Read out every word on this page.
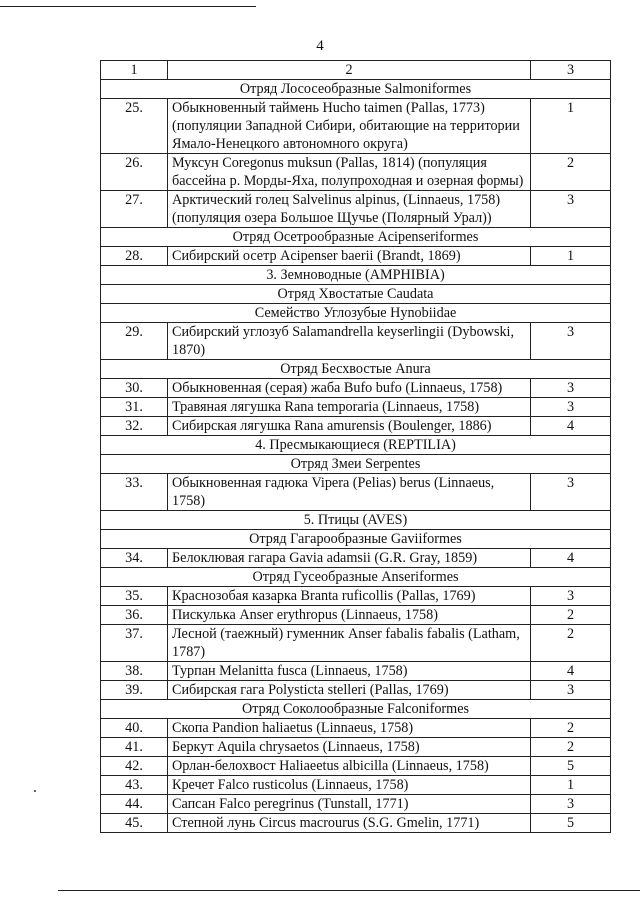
4
1	2	3
Отряд Лососеобразные Salmoniformes		
25.	Обыкновенный таймень Hucho taimen (Pallas, 1773) (популяции Западной Сибири, обитающие на территории Ямало-Ненецкого автономного округа)	1
26.	Муксун Coregonus muksun (Pallas, 1814) (популяция бассейна р. Морды-Яха, полупроходная и озерная формы)	2
27.	Арктический голец Salvelinus alpinus, (Linnaeus, 1758) (популяция озера Большое Щучье (Полярный Урал))	3
Отряд Осетрообразные Acipenseriformes		
28.	Сибирский осетр Acipenser baerii (Brandt, 1869)	1
3. Земноводные (AMPHIBIA)		
Отряд Хвостатые Caudata		
Семейство Углозубые Hynobiidae		
29.	Сибирский углозуб Salamandrella keyserlingii (Dybowski, 1870)	3
Отряд Бесхвостые Anura		
30.	Обыкновенная (серая) жаба Bufo bufo (Linnaeus, 1758)	3
31.	Травяная лягушка Rana temporaria (Linnaeus, 1758)	3
32.	Сибирская лягушка Rana amurensis (Boulenger, 1886)	4
4. Пресмыкающиеся (REPTILIA)		
Отряд Змеи Serpentes		
33.	Обыкновенная гадюка Vipera (Pelias) berus (Linnaeus, 1758)	3
5. Птицы (AVES)		
Отряд Гагарообразные Gaviiformes		
34.	Белоклювая гагара Gavia adamsii (G.R. Gray, 1859)	4
Отряд Гусеобразные Anseriformes		
35.	Краснозобая казарка Branta ruficollis (Pallas, 1769)	3
36.	Пискулька Anser erythropus (Linnaeus, 1758)	2
37.	Лесной (таежный) гуменник Anser fabalis fabalis (Latham, 1787)	2
38.	Турпан Melanitta fusca (Linnaeus, 1758)	4
39.	Сибирская гага Polysticta stelleri (Pallas, 1769)	3
Отряд Соколообразные Falconiformes		
40.	Скопа Pandion haliaetus (Linnaeus, 1758)	2
41.	Беркут Aquila chrysaetos (Linnaeus, 1758)	2
42.	Орлан-белохвост Haliaeetus albicilla (Linnaeus, 1758)	5
43.	Кречет Falco rusticolus (Linnaeus, 1758)	1
44.	Сапсан Falco peregrinus (Tunstall, 1771)	3
45.	Степной лунь Circus macrourus (S.G. Gmelin, 1771)	5
